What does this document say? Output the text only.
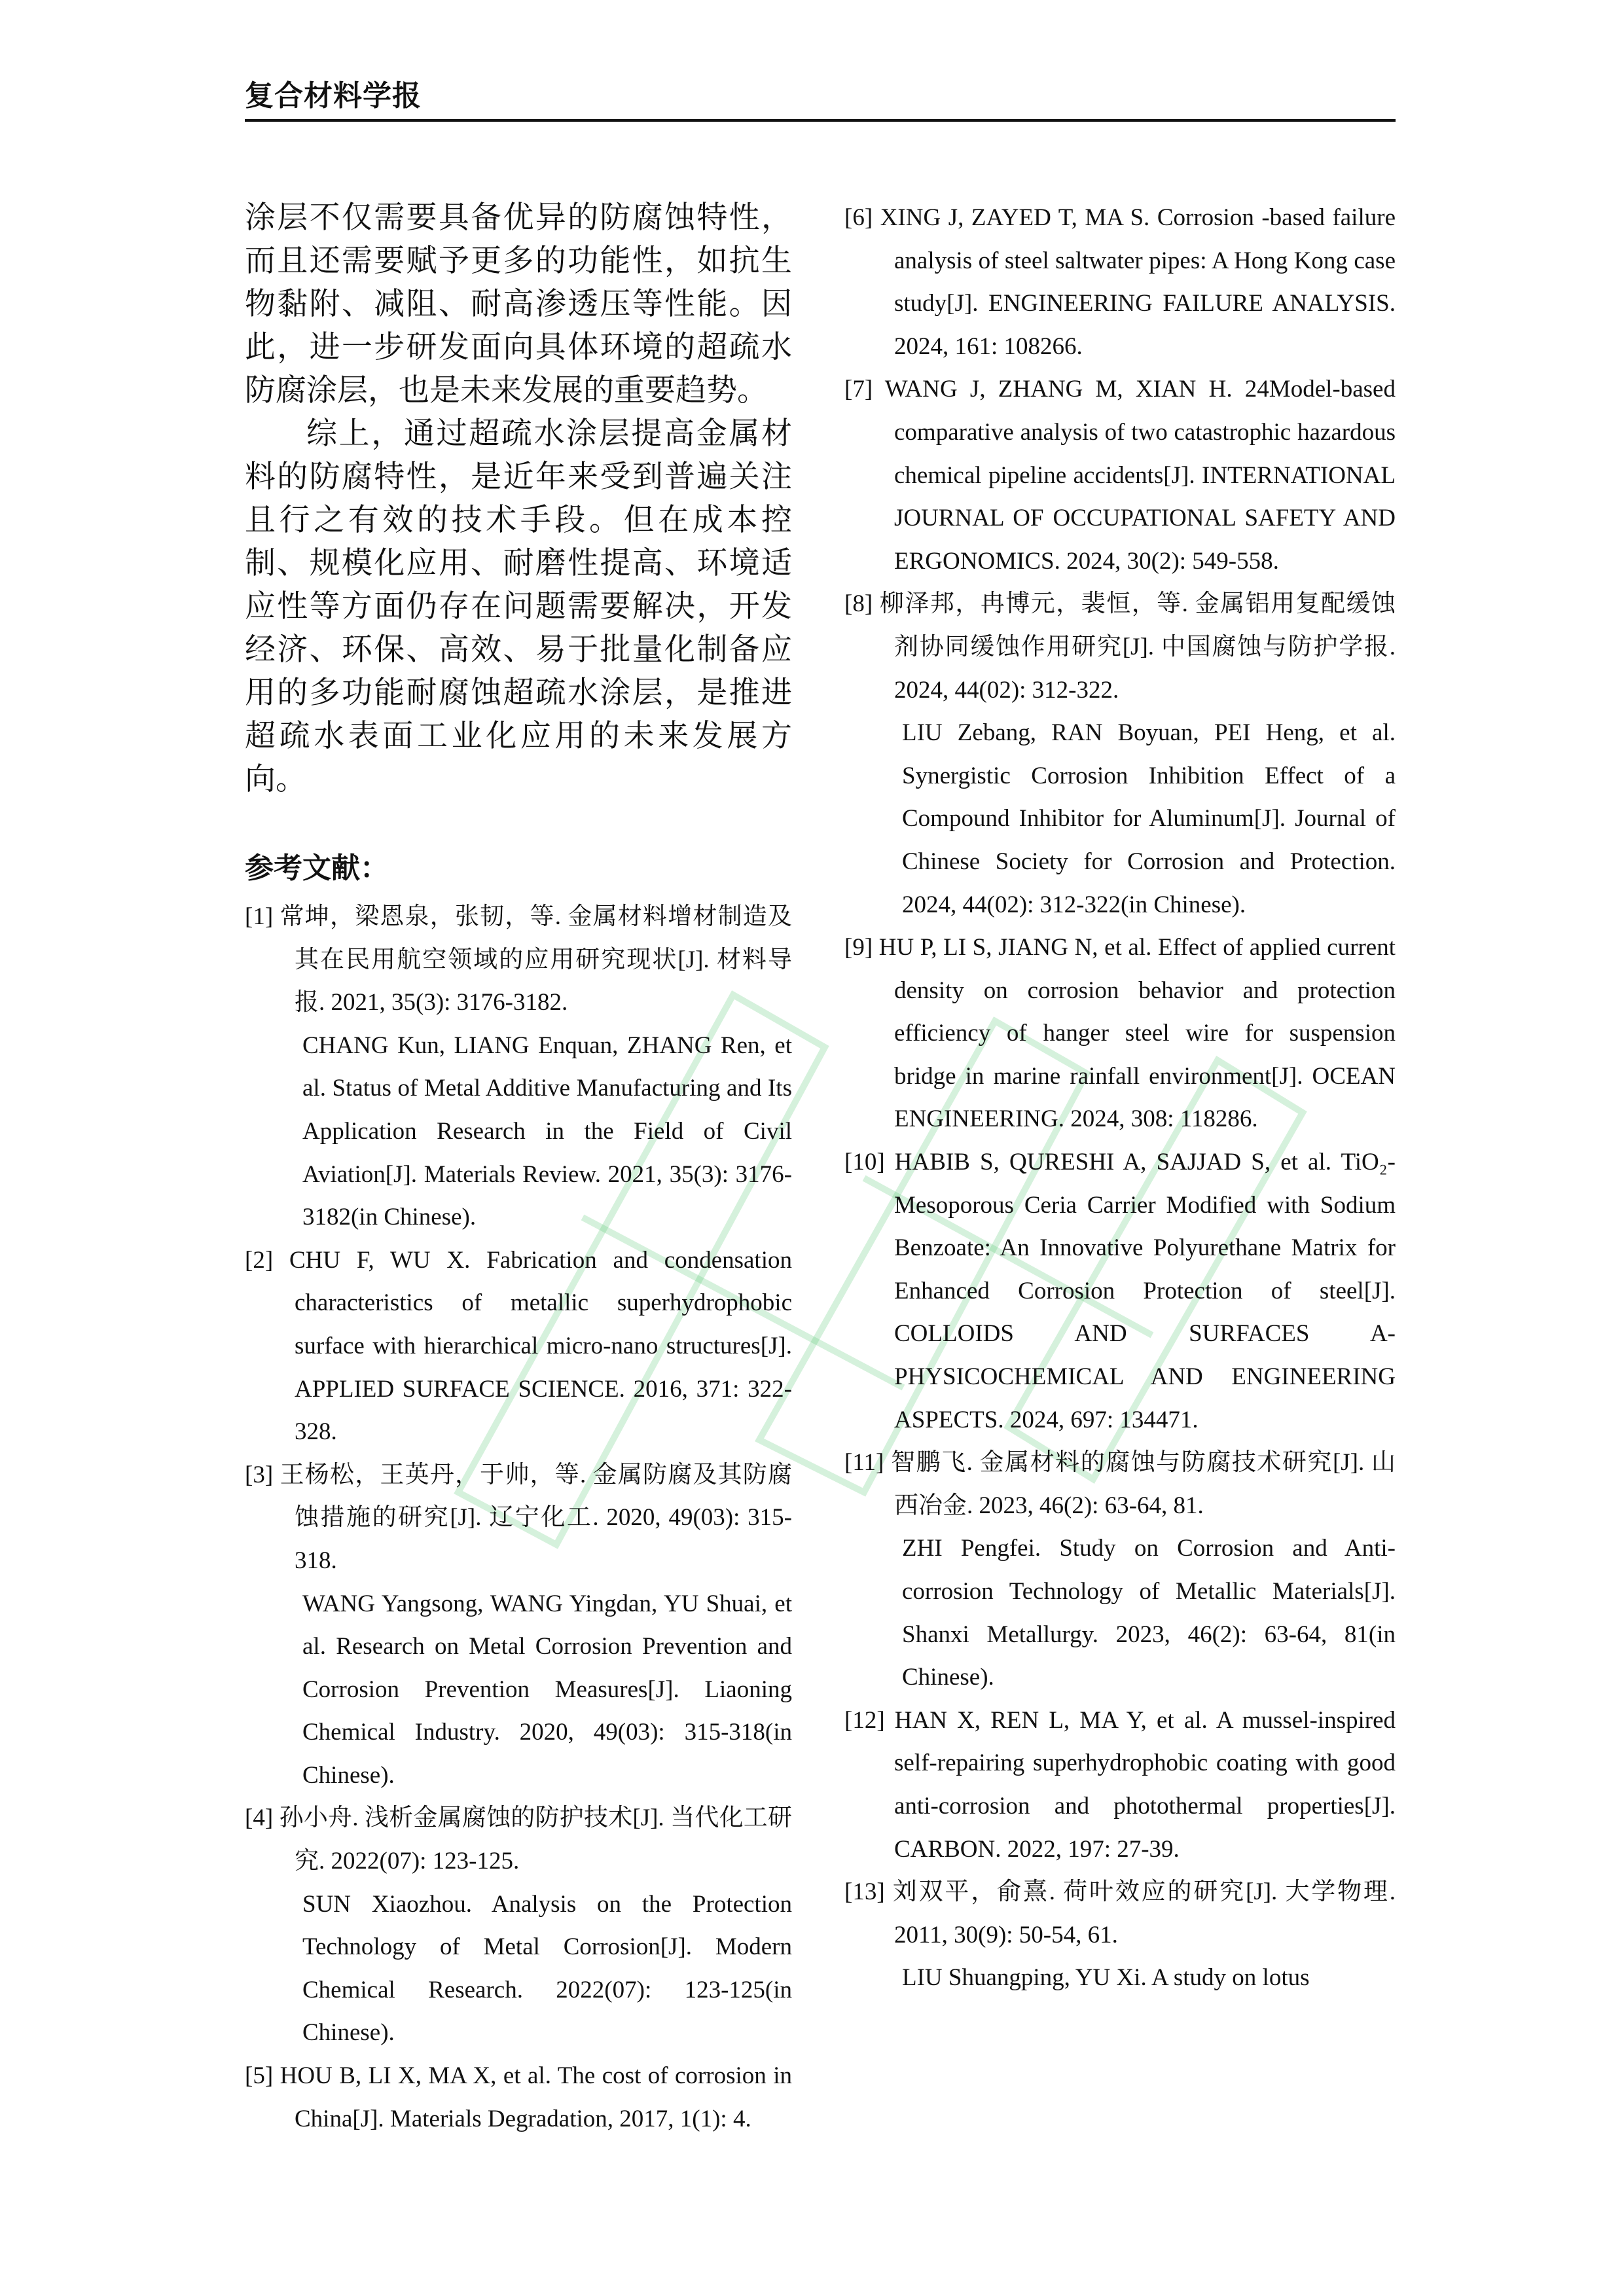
复合材料学报

涂层不仅需要具备优异的防腐蚀特性，而且还需要赋予更多的功能性，如抗生物黏附、减阻、耐高渗透压等性能。因此，进一步研发面向具体环境的超疏水防腐涂层，也是未来发展的重要趋势。

综上，通过超疏水涂层提高金属材料的防腐特性，是近年来受到普遍关注且行之有效的技术手段。但在成本控制、规模化应用、耐磨性提高、环境适应性等方面仍存在问题需要解决，开发经济、环保、高效、易于批量化制备应用的多功能耐腐蚀超疏水涂层，是推进超疏水表面工业化应用的未来发展方向。

参考文献：
[1] 常坤，梁恩泉，张韧，等. 金属材料增材制造及其在民用航空领域的应用研究现状[J]. 材料导报. 2021, 35(3): 3176-3182.
CHANG Kun, LIANG Enquan, ZHANG Ren, et al. Status of Metal Additive Manufacturing and Its Application Research in the Field of Civil Aviation[J]. Materials Review. 2021, 35(3): 3176-3182(in Chinese).
[2] CHU F, WU X. Fabrication and condensation characteristics of metallic superhydrophobic surface with hierarchical micro-nano structures[J]. APPLIED SURFACE SCIENCE. 2016, 371: 322-328.
[3] 王杨松，王英丹，于帅，等. 金属防腐及其防腐蚀措施的研究[J]. 辽宁化工. 2020, 49(03): 315-318.
WANG Yangsong, WANG Yingdan, YU Shuai, et al. Research on Metal Corrosion Prevention and Corrosion Prevention Measures[J]. Liaoning Chemical Industry. 2020, 49(03): 315-318(in Chinese).
[4] 孙小舟. 浅析金属腐蚀的防护技术[J]. 当代化工研究. 2022(07): 123-125.
SUN Xiaozhou. Analysis on the Protection Technology of Metal Corrosion[J]. Modern Chemical Research. 2022(07): 123-125(in Chinese).
[5] HOU B, LI X, MA X, et al. The cost of corrosion in China[J]. Materials Degradation, 2017, 1(1): 4.
[6] XING J, ZAYED T, MA S. Corrosion -based failure analysis of steel saltwater pipes: A Hong Kong case study[J]. ENGINEERING FAILURE ANALYSIS. 2024, 161: 108266.
[7] WANG J, ZHANG M, XIAN H. 24Model-based comparative analysis of two catastrophic hazardous chemical pipeline accidents[J]. INTERNATIONAL JOURNAL OF OCCUPATIONAL SAFETY AND ERGONOMICS. 2024, 30(2): 549-558.
[8] 柳泽邦，冉博元，裴恒，等. 金属铝用复配缓蚀剂协同缓蚀作用研究[J]. 中国腐蚀与防护学报. 2024, 44(02): 312-322.
LIU Zebang, RAN Boyuan, PEI Heng, et al. Synergistic Corrosion Inhibition Effect of a Compound Inhibitor for Aluminum[J]. Journal of Chinese Society for Corrosion and Protection. 2024, 44(02): 312-322(in Chinese).
[9] HU P, LI S, JIANG N, et al. Effect of applied current density on corrosion behavior and protection efficiency of hanger steel wire for suspension bridge in marine rainfall environment[J]. OCEAN ENGINEERING. 2024, 308: 118286.
[10] HABIB S, QURESHI A, SAJJAD S, et al. TiO₂-Mesoporous Ceria Carrier Modified with Sodium Benzoate: An Innovative Polyurethane Matrix for Enhanced Corrosion Protection of steel[J]. COLLOIDS AND SURFACES A-PHYSICOCHEMICAL AND ENGINEERING ASPECTS. 2024, 697: 134471.
[11] 智鹏飞. 金属材料的腐蚀与防腐技术研究[J]. 山西冶金. 2023, 46(2): 63-64, 81.
ZHI Pengfei. Study on Corrosion and Anti-corrosion Technology of Metallic Materials[J]. Shanxi Metallurgy. 2023, 46(2): 63-64, 81(in Chinese).
[12] HAN X, REN L, MA Y, et al. A mussel-inspired self-repairing superhydrophobic coating with good anti-corrosion and photothermal properties[J]. CARBON. 2022, 197: 27-39.
[13] 刘双平，俞熹. 荷叶效应的研究[J]. 大学物理. 2011, 30(9): 50-54, 61.
LIU Shuangping, YU Xi. A study on lotus
